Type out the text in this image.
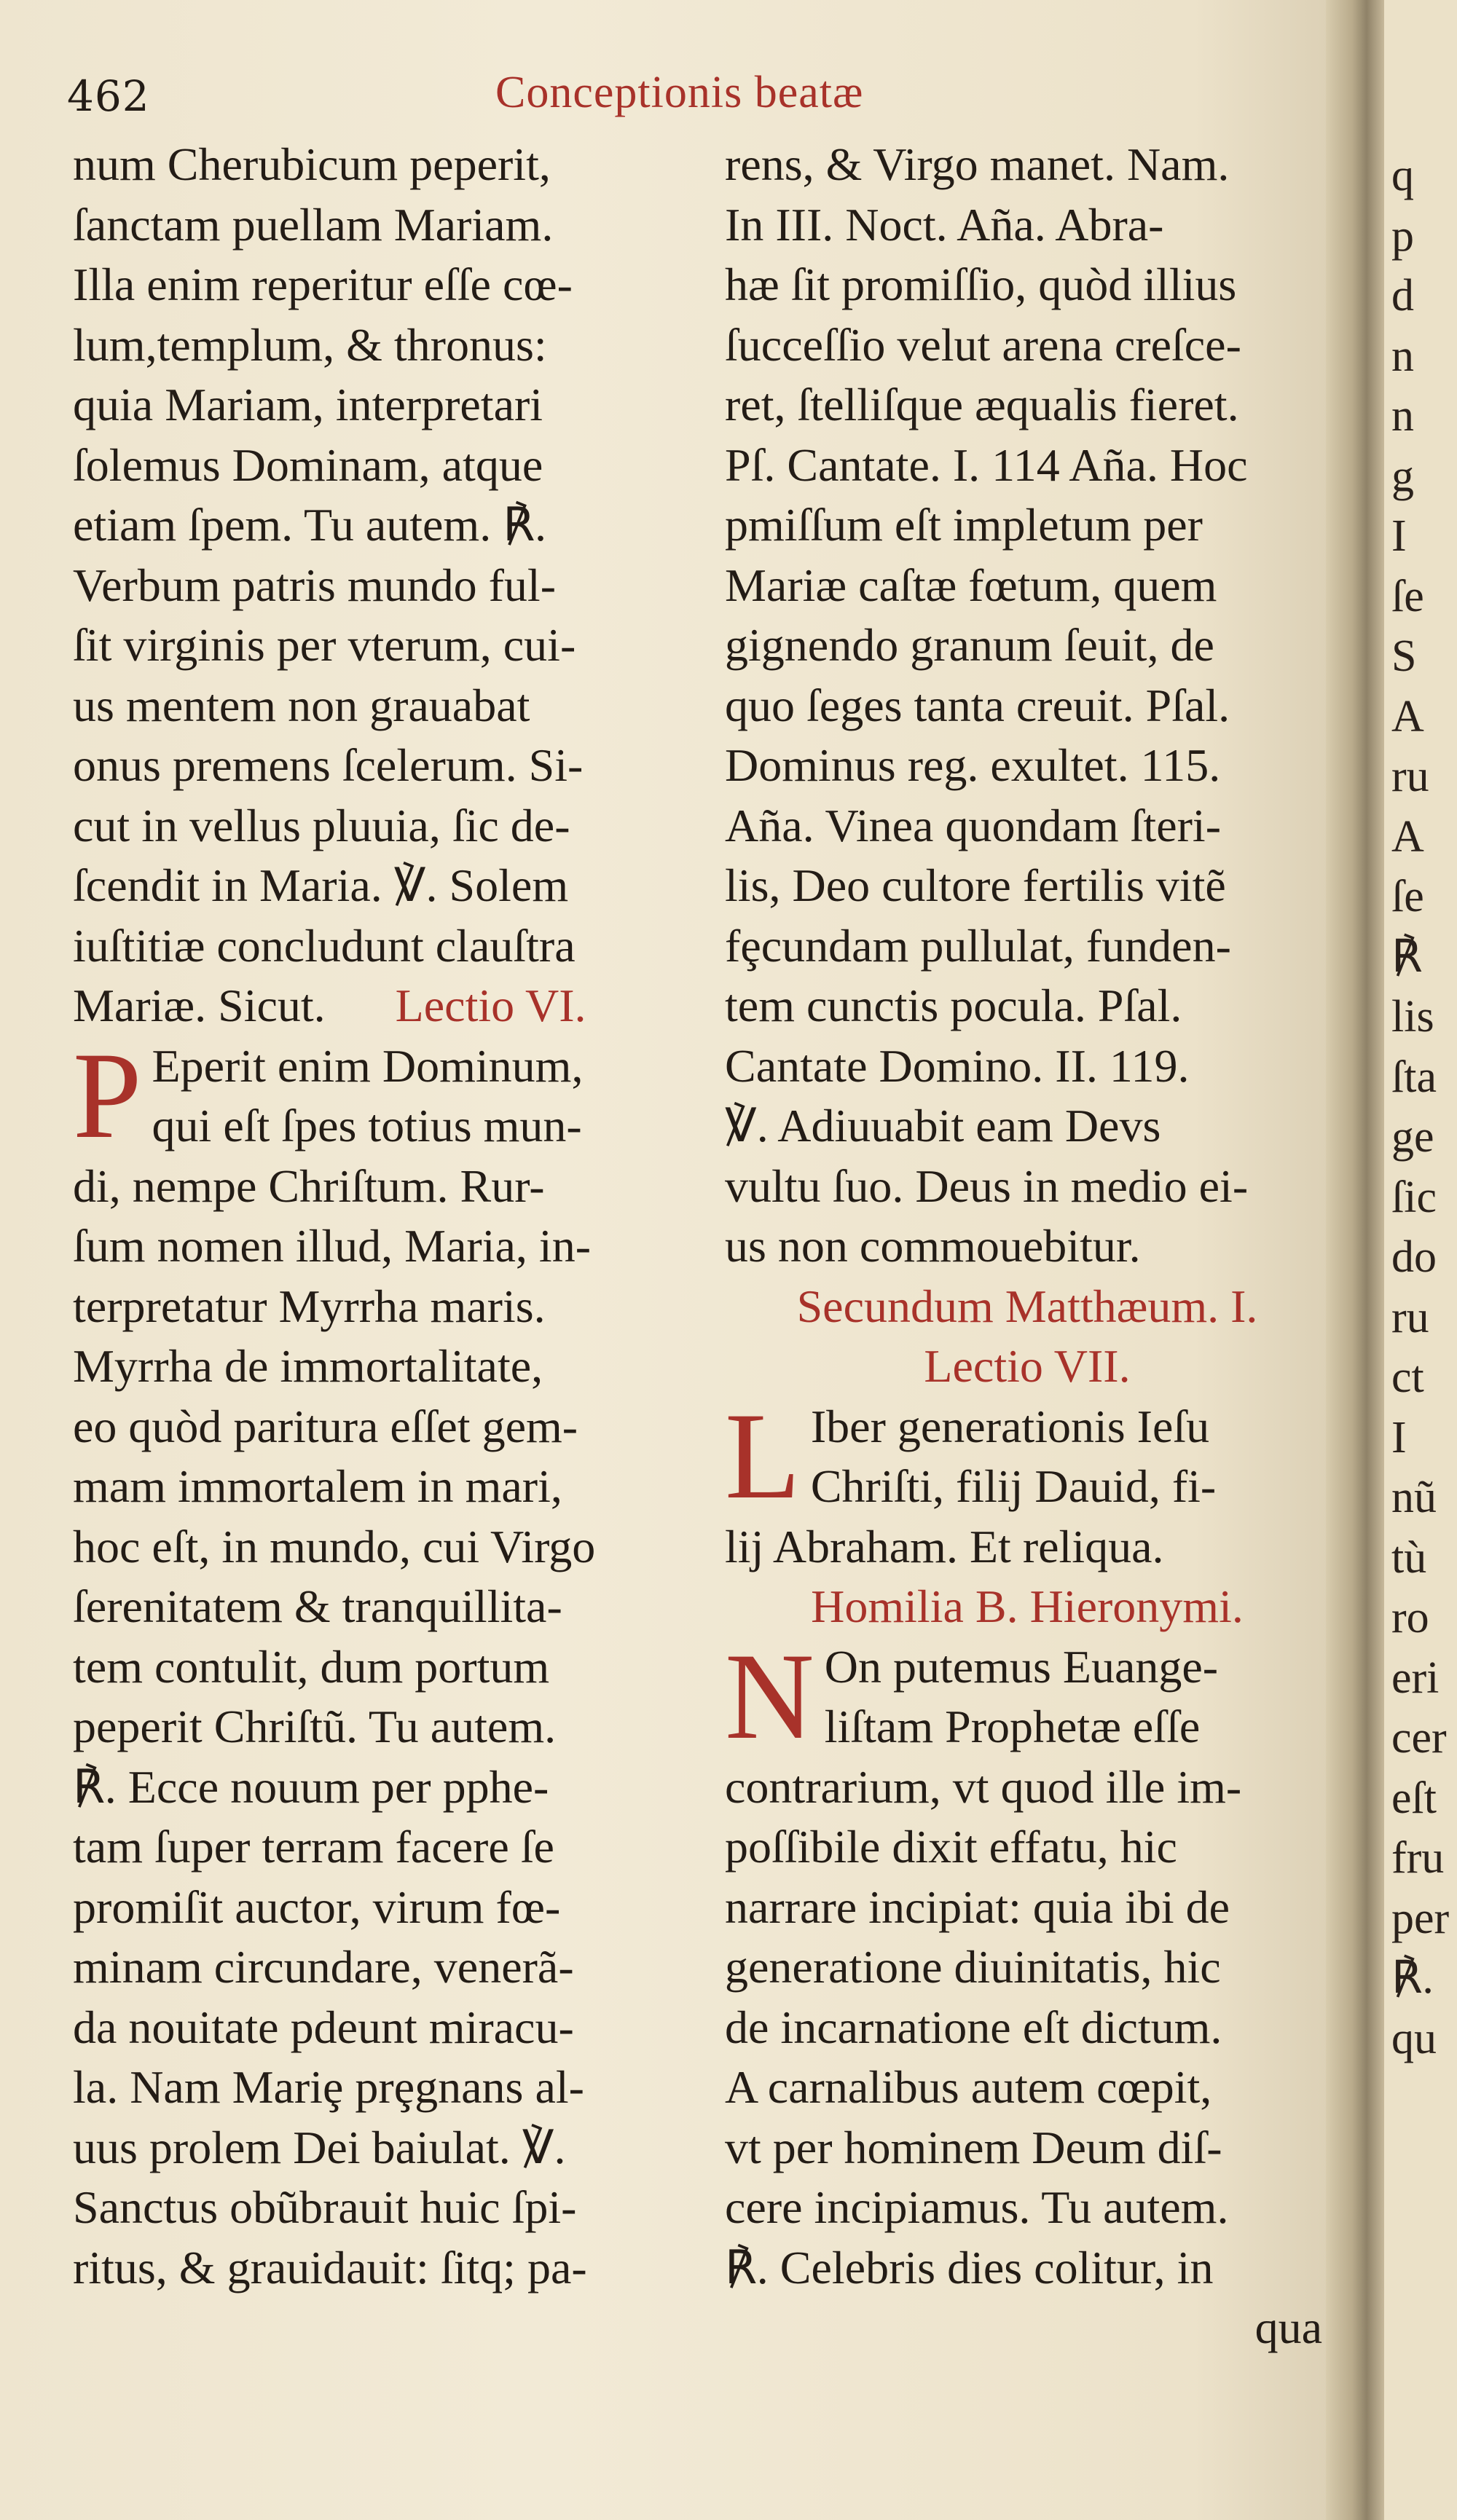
462	Conceptionis beatæ
num Cherubicum peperit,
ſanctam puellam Mariam.
Illa enim reperitur eſſe cœ-
lum,templum, & thronus:
quia Mariam, interpretari
ſolemus Dominam, atque
etiam ſpem. Tu autem. ℟.
Verbum patris mundo ful-
ſit virginis per vterum, cui-
us mentem non grauabat
onus premens ſcelerum. Si-
cut in vellus pluuia, ſic de-
ſcendit in Maria. ℣. Solem
iuſtitiæ concludunt clauſtra
Mariæ. Sicut. Lectio VI.
P Eperit enim Dominum,
qui eſt ſpes totius mun-
di, nempe Chriſtum. Rur-
ſum nomen illud, Maria, in-
terpretatur Myrrha maris.
Myrrha de immortalitate,
eo quòd paritura eſſet gem-
mam immortalem in mari,
hoc eſt, in mundo, cui Virgo
ſerenitatem & tranquillita-
tem contulit, dum portum
peperit Chriſtũ. Tu autem.
℟. Ecce nouum per pphe-
tam ſuper terram facere ſe
promiſit auctor, virum fœ-
minam circundare, venerã-
da nouitate pdeunt miracu-
la. Nam Mariȩ prȩgnans al-
uus prolem Dei baiulat. ℣.
Sanctus obũbrauit huic ſpi-
ritus, & grauidauit: ſitq; pa-
rens, & Virgo manet. Nam.
In III. Noct. Aña. Abra-
hæ ſit promiſſio, quòd illius
ſucceſſio velut arena creſce-
ret, ſtelliſque æqualis fieret.
Pſ. Cantate. I. 114 Aña. Hoc
pmiſſum eſt impletum per
Mariæ caſtæ fœtum, quem
gignendo granum ſeuit, de
quo ſeges tanta creuit. Pſal.
Dominus reg. exultet. 115.
Aña. Vinea quondam ſteri-
lis, Deo cultore fertilis vitẽ
fȩcundam pullulat, funden-
tem cunctis pocula. Pſal.
Cantate Domino. II. 119.
℣. Adiuuabit eam Devs
vultu ſuo. Deus in medio ei-
us non commouebitur.
Secundum Matthæum. I.
Lectio VII.
L Iber generationis Ieſu
Chriſti, filij Dauid, fi-
lij Abraham. Et reliqua.
Homilia B. Hieronymi.
N On putemus Euange-
liſtam Prophetæ eſſe
contrarium, vt quod ille im-
poſſibile dixit effatu, hic
narrare incipiat: quia ibi de
generatione diuinitatis, hic
de incarnatione eſt dictum.
A carnalibus autem cœpit,
vt per hominem Deum diſ-
cere incipiamus. Tu autem.
℟. Celebris dies colitur, in
qua
q
p
d
n
n
g
I
ſe
S
A
ru
A
ſe
℟
lis
ſta
ge
ſic
do
ru
ct
I
nũ
tù
ro
eri
cer
eſt
fru
per
℟.
qu
